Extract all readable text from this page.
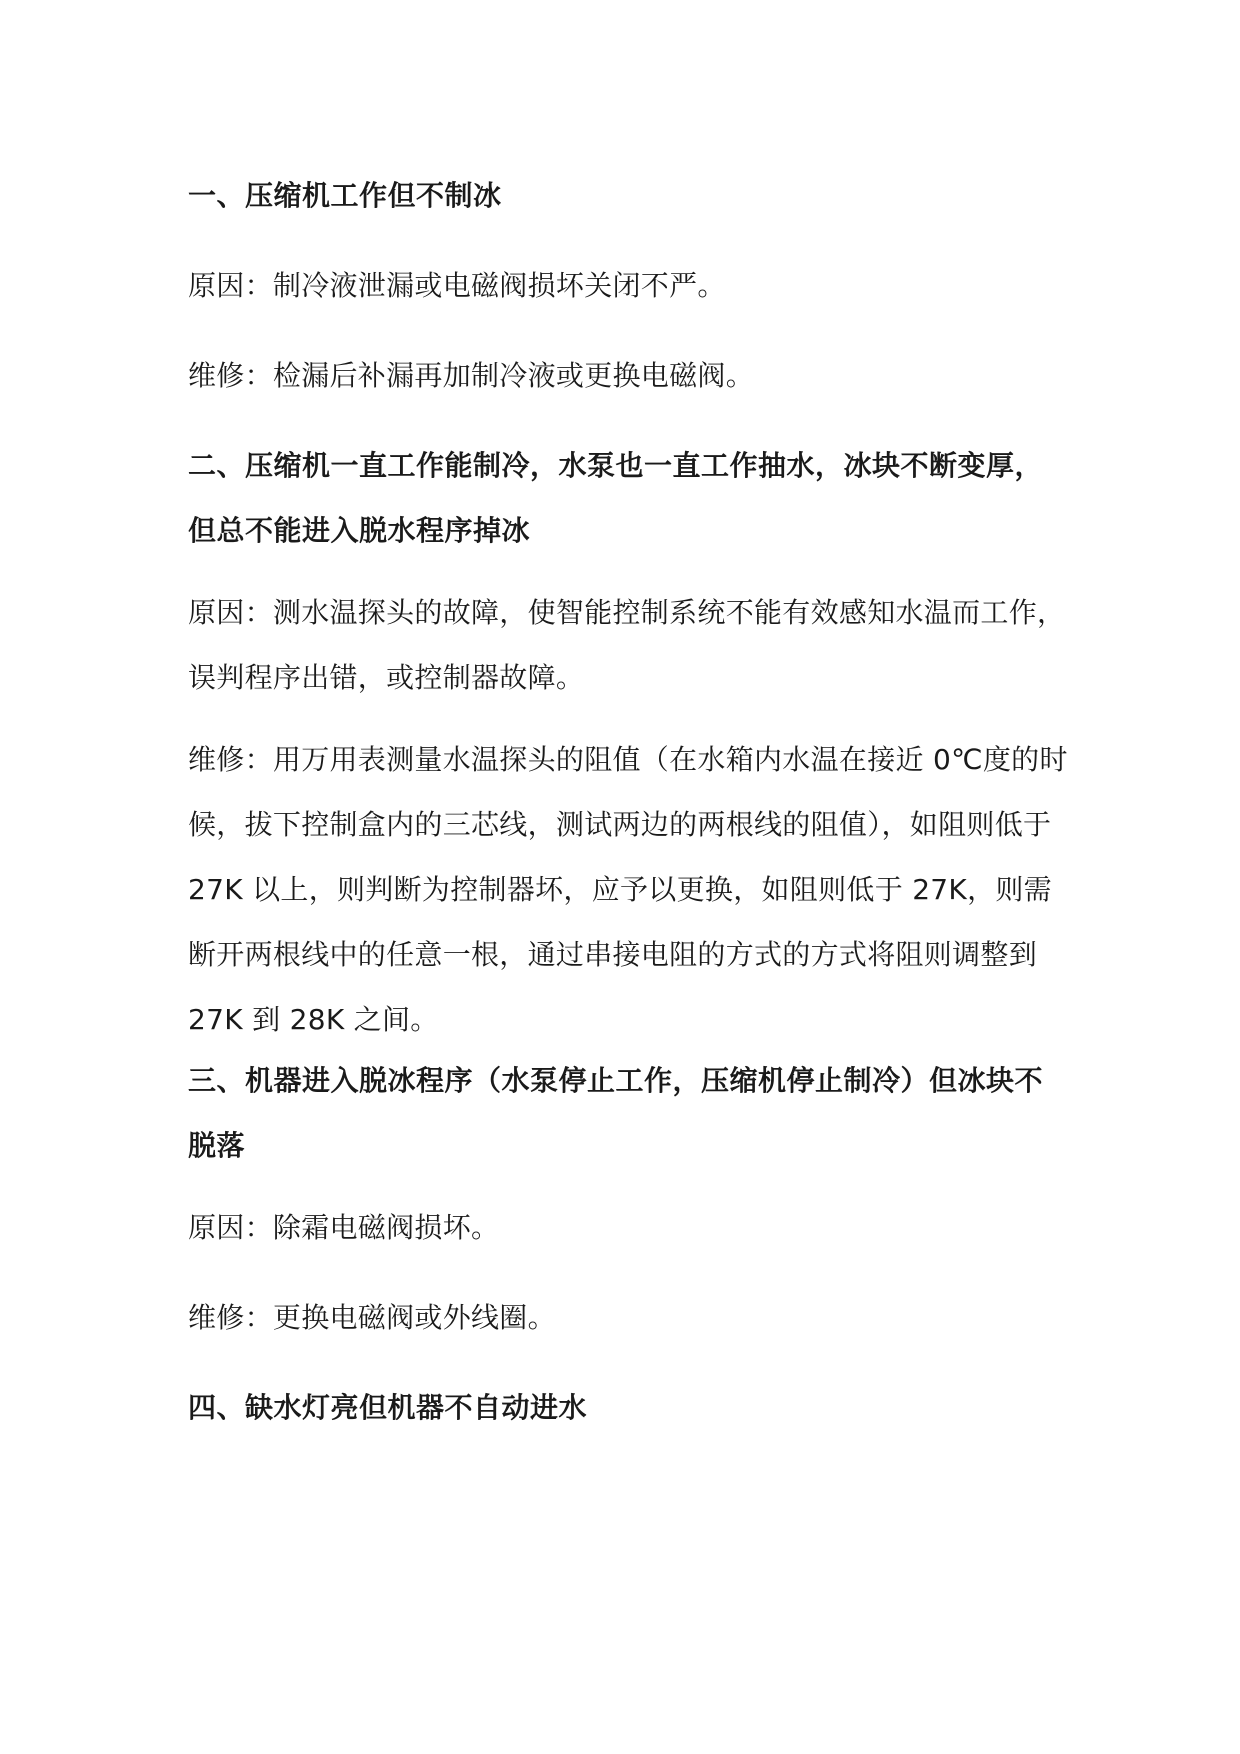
一、压缩机工作但不制冰

原因：制冷液泄漏或电磁阀损坏关闭不严。

维修：检漏后补漏再加制冷液或更换电磁阀。

二、压缩机一直工作能制冷，水泵也一直工作抽水，冰块不断变厚，但总不能进入脱水程序掉冰

原因：测水温探头的故障，使智能控制系统不能有效感知水温而工作，误判程序出错，或控制器故障。

维修：用万用表测量水温探头的阻值（在水箱内水温在接近 0℃度的时候，拔下控制盒内的三芯线，测试两边的两根线的阻值），如阻则低于 27K 以上，则判断为控制器坏，应予以更换，如阻则低于 27K，则需断开两根线中的任意一根，通过串接电阻的方式的方式将阻则调整到 27K 到 28K 之间。

三、机器进入脱冰程序（水泵停止工作，压缩机停止制冷）但冰块不脱落

原因：除霜电磁阀损坏。

维修：更换电磁阀或外线圈。

四、缺水灯亮但机器不自动进水
